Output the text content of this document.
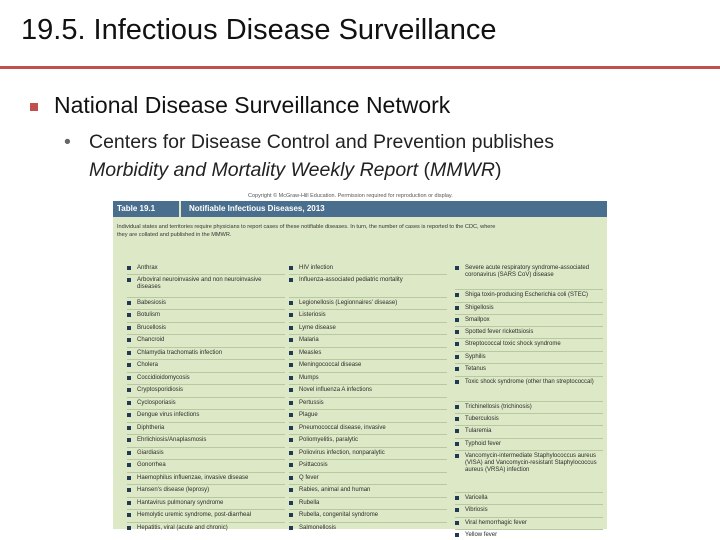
19.5. Infectious Disease Surveillance
National Disease Surveillance Network
• Centers for Disease Control and Prevention publishes
Morbidity and Mortality Weekly Report (MMWR)
Copyright © McGraw-Hill Education. Permission required for reproduction or display.
Table 19.1	Notifiable Infectious Diseases, 2013
Individual states and territories require physicians to report cases of these notifiable diseases. In turn, the number of cases is reported to the CDC, where
they are collated and published in the MMWR.
Anthrax
Arboviral neuroinvasive and non neuroinvasive diseases
Babesiosis
Botulism
Brucellosis
Chancroid
Chlamydia trachomatis infection
Cholera
Coccidioidomycosis
Cryptosporidiosis
Cyclosporiasis
Dengue virus infections
Diphtheria
Ehrlichiosis/Anaplasmosis
Giardiasis
Gonorrhea
Haemophilus influenzae, invasive disease
Hansen's disease (leprosy)
Hantavirus pulmonary syndrome
Hemolytic uremic syndrome, post-diarrheal
Hepatitis, viral (acute and chronic)
HIV infection
Influenza-associated pediatric mortality
Legionellosis (Legionnaires' disease)
Listeriosis
Lyme disease
Malaria
Measles
Meningococcal disease
Mumps
Novel influenza A infections
Pertussis
Plague
Pneumococcal disease, invasive
Poliomyelitis, paralytic
Poliovirus infection, nonparalytic
Psittacosis
Q fever
Rabies, animal and human
Rubella
Rubella, congenital syndrome
Salmonellosis
Severe acute respiratory syndrome-associated coronavirus (SARS CoV) disease
Shiga toxin-producing Escherichia coli (STEC)
Shigellosis
Smallpox
Spotted fever rickettsiosis
Streptococcal toxic shock syndrome
Syphilis
Tetanus
Toxic shock syndrome (other than streptococcal)
Trichinellosis (trichinosis)
Tuberculosis
Tularemia
Typhoid fever
Vancomycin-intermediate Staphylococcus aureus (VISA) and Vancomycin-resistant Staphylococcus aureus (VRSA) infection
Varicella
Vibriosis
Viral hemorrhagic fever
Yellow fever
